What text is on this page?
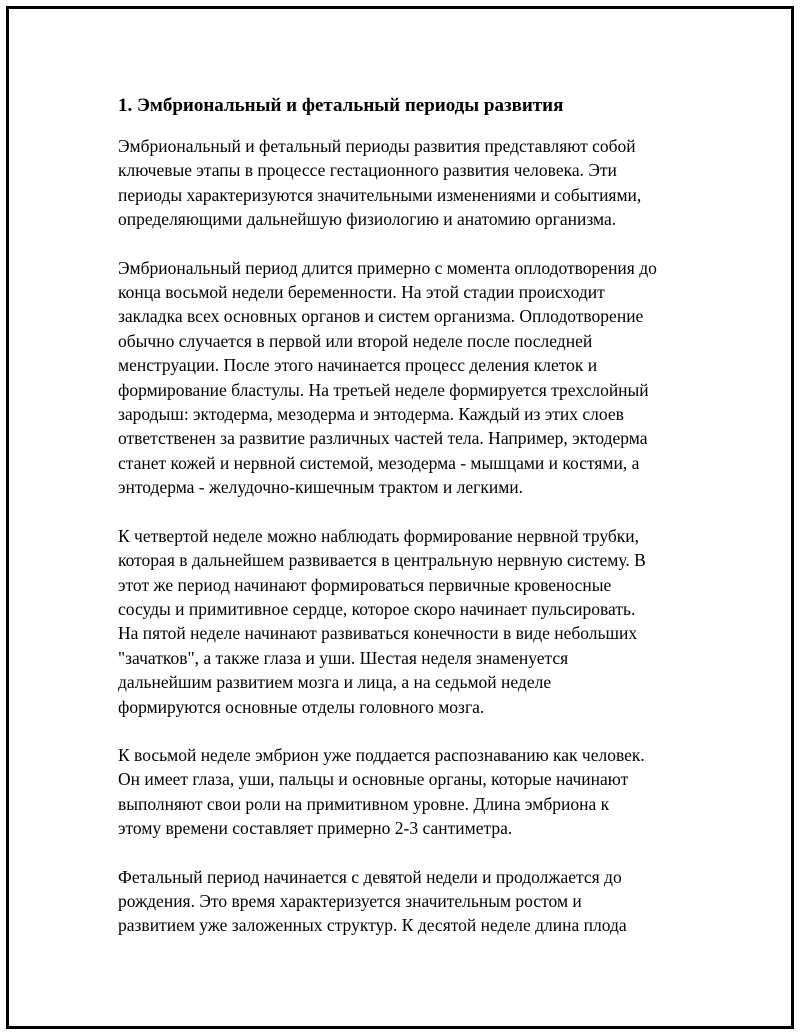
1. Эмбриональный и фетальный периоды развития

Эмбриональный и фетальный периоды развития представляют собой
ключевые этапы в процессе гестационного развития человека. Эти
периоды характеризуются значительными изменениями и событиями,
определяющими дальнейшую физиологию и анатомию организма.

Эмбриональный период длится примерно с момента оплодотворения до
конца восьмой недели беременности. На этой стадии происходит
закладка всех основных органов и систем организма. Оплодотворение
обычно случается в первой или второй неделе после последней
менструации. После этого начинается процесс деления клеток и
формирование бластулы. На третьей неделе формируется трехслойный
зародыш: эктодерма, мезодерма и энтодерма. Каждый из этих слоев
ответственен за развитие различных частей тела. Например, эктодерма
станет кожей и нервной системой, мезодерма - мышцами и костями, а
энтодерма - желудочно-кишечным трактом и легкими.

К четвертой неделе можно наблюдать формирование нервной трубки,
которая в дальнейшем развивается в центральную нервную систему. В
этот же период начинают формироваться первичные кровеносные
сосуды и примитивное сердце, которое скоро начинает пульсировать.
На пятой неделе начинают развиваться конечности в виде небольших
"зачатков", а также глаза и уши. Шестая неделя знаменуется
дальнейшим развитием мозга и лица, а на седьмой неделе
формируются основные отделы головного мозга.

К восьмой неделе эмбрион уже поддается распознаванию как человек.
Он имеет глаза, уши, пальцы и основные органы, которые начинают
выполняют свои роли на примитивном уровне. Длина эмбриона к
этому времени составляет примерно 2-3 сантиметра.

Фетальный период начинается с девятой недели и продолжается до
рождения. Это время характеризуется значительным ростом и
развитием уже заложенных структур. К десятой неделе длина плода
